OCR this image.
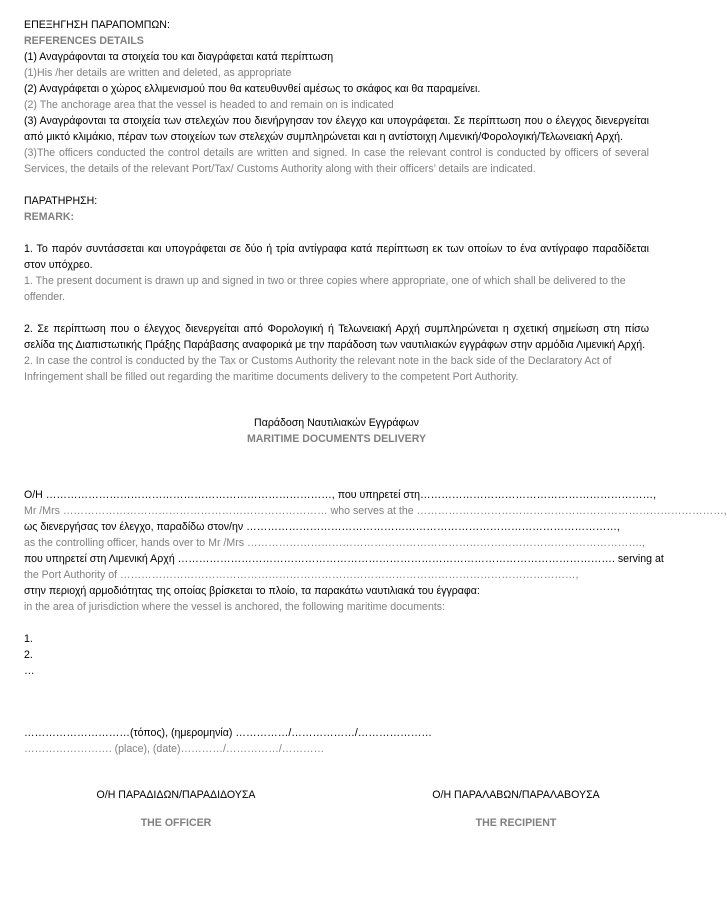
ΕΠΕΞΗΓΗΣΗ ΠΑΡΑΠΟΜΠΩΝ:
REFERENCES DETAILS
(1) Αναγράφονται τα στοιχεία του και διαγράφεται κατά περίπτωση
(1)His /her details are written and deleted, as appropriate
(2) Αναγράφεται ο χώρος ελλιμενισμού που θα κατευθυνθεί αμέσως το σκάφος και θα παραμείνει.
(2) The anchorage area that the vessel is headed to and remain on is indicated
(3) Αναγράφονται τα στοιχεία των στελεχών που διενήργησαν τον έλεγχο και υπογράφεται. Σε περίπτωση που ο έλεγχος διενεργείται από μικτό κλιμάκιο, πέραν των στοιχείων των στελεχών συμπληρώνεται και η αντίστοιχη Λιμενική/Φορολογική/Τελωνειακή Αρχή.
(3)The officers conducted the control details are written and signed. In case the relevant control is conducted by officers of several Services, the details of the relevant Port/Tax/ Customs Authority along with their officers’ details are indicated.
ΠΑΡΑΤΗΡΗΣΗ:
REMARK:
1. Το παρόν συντάσσεται και υπογράφεται σε δύο ή τρία αντίγραφα κατά περίπτωση εκ των οποίων το ένα αντίγραφο παραδίδεται στον υπόχρεο.
1. The present document is drawn up and signed in two or three copies where appropriate, one of which shall be delivered to the offender.
2. Σε περίπτωση που ο έλεγχος διενεργείται από Φορολογική ή Τελωνειακή Αρχή συμπληρώνεται η σχετική σημείωση στη πίσω σελίδα της Διαπιστωτικής Πράξης Παράβασης αναφορικά με την παράδοση των ναυτιλιακών εγγράφων στην αρμόδια Λιμενική Αρχή.
2. In case the control is conducted by the Tax or Customs Authority the relevant note in the back side of the Declaratory Act of Infringement shall be filled out regarding the maritime documents delivery to the competent Port Authority.
Παράδοση Ναυτιλιακών Εγγράφων
MARITIME DOCUMENTS DELIVERY
Ο/Η ………………………………………………………………………, που υπηρετεί στη…………………………………………………………,
Mr /Mrs ………………………………………………………………… who serves at the ……………………………………………………………………………,
ως διενεργήσας τον έλεγχο, παραδίδω στον/ην ……………………………………………………………………………………………,
as the controlling officer, hands over to Mr /Mrs ………………………………………………………………………………………………….,
που υπηρετεί στη Λιμενική Αρχή ……………………………………………………………………………………………………………. serving at
the Port Authority of …………………………………………………………………………………………………………………,
στην περιοχή αρμοδιότητας της οποίας βρίσκεται το πλοίο, τα παρακάτω ναυτιλιακά του έγγραφα:
in the area of jurisdiction where the vessel is anchored, the following maritime documents:
1.
2.
…
…………………………(τόπος), (ημερομηνία) ……………/………………/…………………
……………………. (place), (date)…………/……………/…………
Ο/Η ΠΑΡΑΔΙΔΩΝ/ΠΑΡΑΔΙΔΟΥΣΑ
THE OFFICER
Ο/Η ΠΑΡΑΛΑΒΩΝ/ΠΑΡΑΛΑΒΟΥΣΑ
THE RECIPIENT
